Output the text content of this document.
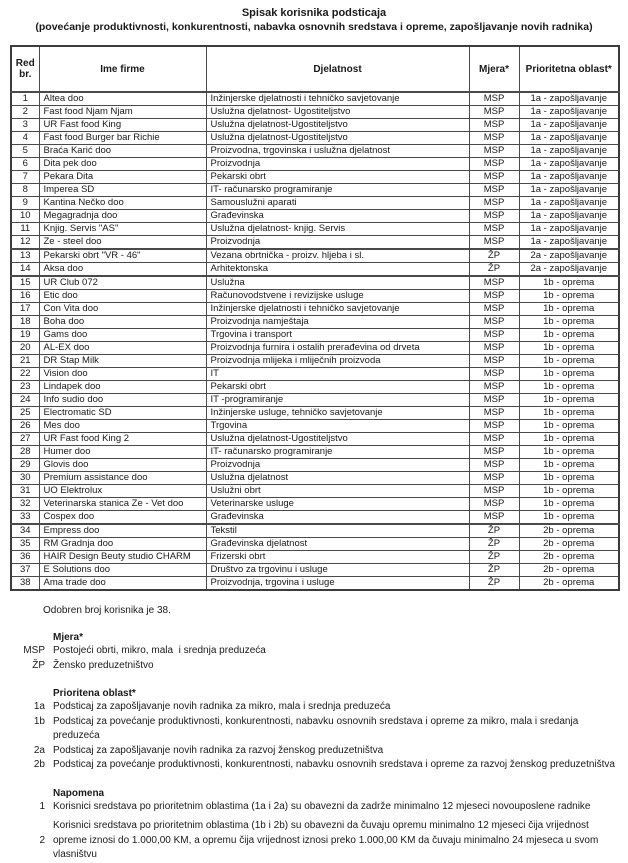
Spisak korisnika podsticaja
(povećanje produktivnosti, konkurentnosti, nabavka osnovnih sredstava i opreme, zapošljavanje novih radnika)
Red br.	Ime firme	Djelatnost	Mjera*	Prioritetna oblast*
1	Altea doo	Inžinjerske djelatnosti i tehničko savjetovanje	MSP	1a - zapošljavanje
2	Fast food Njam Njam	Uslužna djelatnost- Ugostiteljstvo	MSP	1a - zapošljavanje
3	UR Fast food King	Uslužna djelatnost-Ugostiteljstvo	MSP	1a - zapošljavanje
4	Fast food Burger bar Richie	Uslužna djelatnost-Ugostiteljstvo	MSP	1a - zapošljavanje
5	Braća Karić doo	Proizvodna, trgovinska i uslužna djelatnost	MSP	1a - zapošljavanje
6	Dita pek doo	Proizvodnja	MSP	1a - zapošljavanje
7	Pekara Dita	Pekarski obrt	MSP	1a - zapošljavanje
8	Imperea SD	IT- računarsko programiranje	MSP	1a - zapošljavanje
9	Kantina Nečko doo	Samouslužni aparati	MSP	1a - zapošljavanje
10	Megagradnja doo	Građevinska	MSP	1a - zapošljavanje
11	Knjig. Servis "AS"	Uslužna djelatnost- knjig. Servis	MSP	1a - zapošljavanje
12	Ze - steel doo	Proizvodnja	MSP	1a - zapošljavanje
13	Pekarski obrt "VR - 46"	Vezana obrtnička - proizv. hljeba i sl.	ŽP	2a - zapošljavanje
14	Aksa doo	Arhitektonska	ŽP	2a - zapošljavanje
15	UR Club 072	Uslužna	MSP	1b - oprema
16	Etic doo	Računovodstvene i revizijske usluge	MSP	1b - oprema
17	Con Vita doo	Inžinjerske djelatnosti i tehničko savjetovanje	MSP	1b - oprema
18	Boha doo	Proizvodnja namještaja	MSP	1b - oprema
19	Gams doo	Trgovina i transport	MSP	1b - oprema
20	AL-EX doo	Proizvodnja furnira i ostalih prerađevina od drveta	MSP	1b - oprema
21	DR Stap Milk	Proizvodnja mlijeka i mliječnih proizvoda	MSP	1b - oprema
22	Vision doo	IT	MSP	1b - oprema
23	Lindapek doo	Pekarski obrt	MSP	1b - oprema
24	Info sudio doo	IT -programiranje	MSP	1b - oprema
25	Electromatic SD	Inžinjerske usluge, tehničko savjetovanje	MSP	1b - oprema
26	Mes doo	Trgovina	MSP	1b - oprema
27	UR Fast food King 2	Uslužna djelatnost-Ugostiteljstvo	MSP	1b - oprema
28	Humer doo	IT- računarsko programiranje	MSP	1b - oprema
29	Glovis doo	Proizvodnja	MSP	1b - oprema
30	Premium assistance doo	Uslužna djelatnost	MSP	1b - oprema
31	UO Elektrolux	Uslužni obrt	MSP	1b - oprema
32	Veterinarska stanica Ze - Vet doo	Veterinarske usluge	MSP	1b - oprema
33	Cospex doo	Građevinska	MSP	1b - oprema
34	Empress doo	Tekstil	ŽP	2b - oprema
35	RM Gradnja doo	Građevinska djelatnost	ŽP	2b - oprema
36	HAIR Design Beuty studio CHARM	Frizerski obrt	ŽP	2b - oprema
37	E Solutions doo	Društvo za trgovinu i usluge	ŽP	2b - oprema
38	Ama trade doo	Proizvodnja, trgovina i usluge	ŽP	2b - oprema
Odobren broj korisnika je 38.
Mjera*
MSP Postojeći obrti, mikro, mala  i srednja preduzeća
ŽP Žensko preduzetništvo
Prioritena oblast*
1a Podsticaj za zapošljavanje novih radnika za mikro, mala i srednja preduzeća
1b Podsticaj za povećanje produktivnosti, konkurentnosti, nabavku osnovnih sredstava i opreme za mikro, mala i sredanja preduzeća
2a Podsticaj za zapošljavanje novih radnika za razvoj ženskog preduzetništva
2b Podsticaj za povećanje produktivnosti, konkurentnosti, nabavku osnovnih sredstava i opreme za razvoj ženskog preduzetništva
Napomena
1 Korisnici sredstava po prioritetnim oblastima (1a i 2a) su obavezni da zadrže minimalno 12 mjeseci novouposlene radnike
2
Korisnici sredstava po prioritetnim oblastima (1b i 2b) su obavezni da čuvaju opremu minimalno 12 mjeseci čija vrijednost opreme iznosi do 1.000,00 KM, a opremu čija vrijednost iznosi preko 1.000,00 KM da čuvaju minimalno 24 mjeseca u svom vlasništvu
